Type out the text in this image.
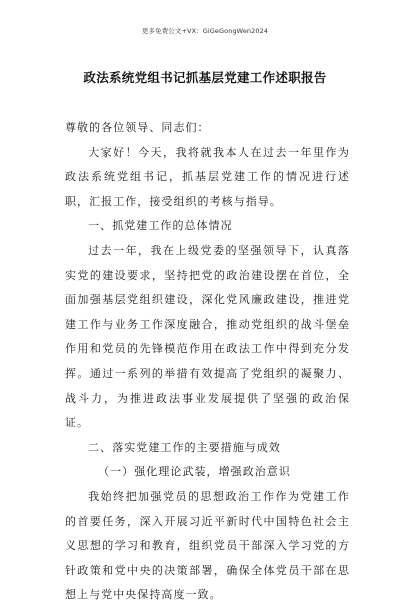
更多免费公文+VX：GiGeGongWen2024
政法系统党组书记抓基层党建工作述职报告

尊敬的各位领导、同志们：

大家好！今天，我将就我本人在过去一年里作为政法系统党组书记，抓基层党建工作的情况进行述职，汇报工作，接受组织的考核与指导。

一、抓党建工作的总体情况

过去一年，我在上级党委的坚强领导下，认真落实党的建设要求，坚持把党的政治建设摆在首位，全面加强基层党组织建设，深化党风廉政建设，推进党建工作与业务工作深度融合，推动党组织的战斗堡垒作用和党员的先锋模范作用在政法工作中得到充分发挥。通过一系列的举措有效提高了党组织的凝聚力、战斗力，为推进政法事业发展提供了坚强的政治保证。

二、落实党建工作的主要措施与成效

（一）强化理论武装，增强政治意识

我始终把加强党员的思想政治工作作为党建工作的首要任务，深入开展习近平新时代中国特色社会主义思想的学习和教育，组织党员干部深入学习党的方针政策和党中央的决策部署，确保全体党员干部在思想上与党中央保持高度一致。
